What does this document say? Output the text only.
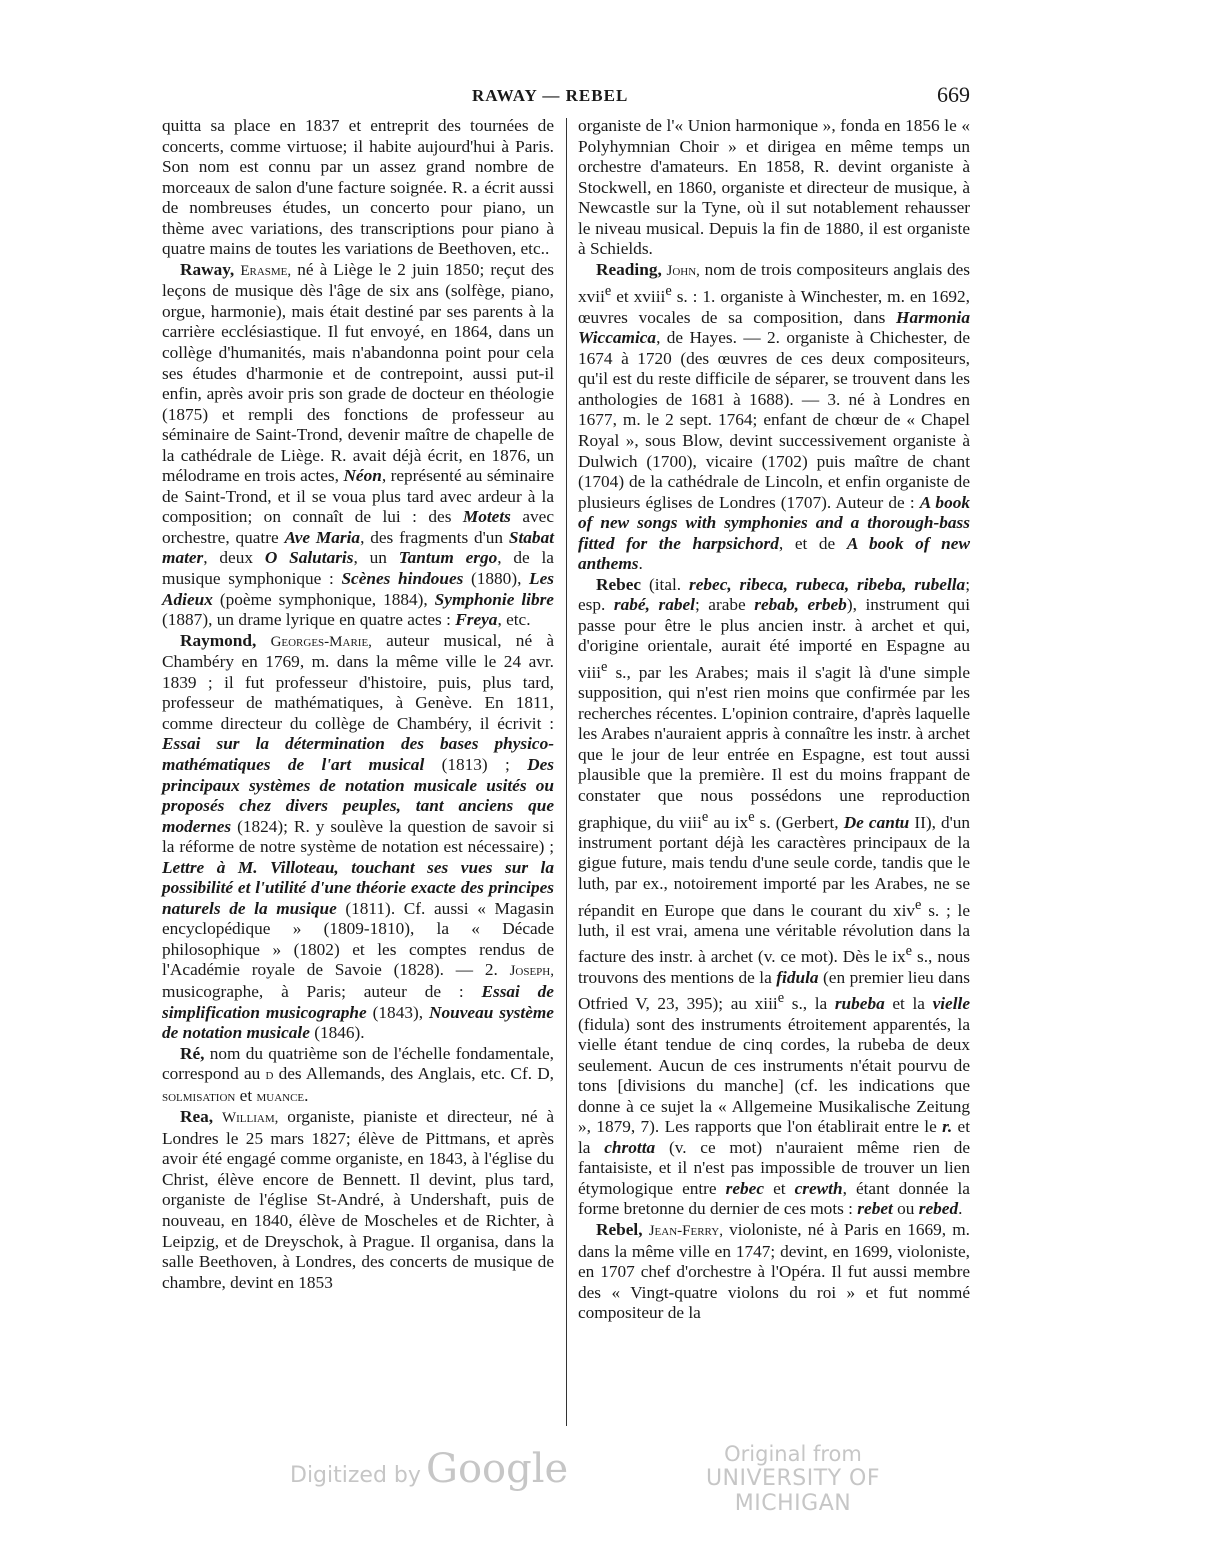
RAWAY — REBEL	669

quitta sa place en 1837 et entreprit des tournées de concerts, comme virtuose; il habite aujourd'hui à Paris. Son nom est connu par un assez grand nombre de morceaux de salon d'une facture soignée. R. a écrit aussi de nombreuses études, un concerto pour piano, un thème avec variations, des transcriptions pour piano à quatre mains de toutes les variations de Beethoven, etc..

Raway, Erasme, né à Liège le 2 juin 1850; reçut des leçons de musique dès l'âge de six ans (solfège, piano, orgue, harmonie), mais était destiné par ses parents à la carrière ecclésiastique. Il fut envoyé, en 1864, dans un collège d'humanités, mais n'abandonna point pour cela ses études d'harmonie et de contrepoint, aussi put-il enfin, après avoir pris son grade de docteur en théologie (1875) et rempli des fonctions de professeur au séminaire de Saint-Trond, devenir maître de chapelle de la cathédrale de Liège. R. avait déjà écrit, en 1876, un mélodrame en trois actes, Néon, représenté au séminaire de Saint-Trond, et il se voua plus tard avec ardeur à la composition; on connaît de lui : des Motets avec orchestre, quatre Ave Maria, des fragments d'un Stabat mater, deux O Salutaris, un Tantum ergo, de la musique symphonique : Scènes hindoues (1880), Les Adieux (poème symphonique, 1884), Symphonie libre (1887), un drame lyrique en quatre actes : Freya, etc.

Raymond, Georges-Marie, auteur musical, né à Chambéry en 1769, m. dans la même ville le 24 avr. 1839 ; il fut professeur d'histoire, puis, plus tard, professeur de mathématiques, à Genève. En 1811, comme directeur du collège de Chambéry, il écrivit : Essai sur la détermination des bases physico-mathématiques de l'art musical (1813) ; Des principaux systèmes de notation musicale usités ou proposés chez divers peuples, tant anciens que modernes (1824); R. y soulève la question de savoir si la réforme de notre système de notation est nécessaire) ; Lettre à M. Villoteau, touchant ses vues sur la possibilité et l'utilité d'une théorie exacte des principes naturels de la musique (1811). Cf. aussi « Magasin encyclopédique » (1809-1810), la « Décade philosophique » (1802) et les comptes rendus de l'Académie royale de Savoie (1828). — 2. Joseph, musicographe, à Paris; auteur de : Essai de simplification musicographe (1843), Nouveau système de notation musicale (1846).

Ré, nom du quatrième son de l'échelle fondamentale, correspond au d des Allemands, des Anglais, etc. Cf. D, solmisation et muance.

Rea, William, organiste, pianiste et directeur, né à Londres le 25 mars 1827; élève de Pittmans, et après avoir été engagé comme organiste, en 1843, à l'église du Christ, élève encore de Bennett. Il devint, plus tard, organiste de l'église St-André, à Undershaft, puis de nouveau, en 1840, élève de Moscheles et de Richter, à Leipzig, et de Dreyschok, à Prague. Il organisa, dans la salle Beethoven, à Londres, des concerts de musique de chambre, devint en 1853

organiste de l'« Union harmonique », fonda en 1856 le « Polyhymnian Choir » et dirigea en même temps un orchestre d'amateurs. En 1858, R. devint organiste à Stockwell, en 1860, organiste et directeur de musique, à Newcastle sur la Tyne, où il sut notablement rehausser le niveau musical. Depuis la fin de 1880, il est organiste à Schields.

Reading, John, nom de trois compositeurs anglais des xvii$^e$ et xviii$^e$ s. : 1. organiste à Winchester, m. en 1692, œuvres vocales de sa composition, dans Harmonia Wiccamica, de Hayes. — 2. organiste à Chichester, de 1674 à 1720 (des œuvres de ces deux compositeurs, qu'il est du reste difficile de séparer, se trouvent dans les anthologies de 1681 à 1688). — 3. né à Londres en 1677, m. le 2 sept. 1764; enfant de chœur de « Chapel Royal », sous Blow, devint successivement organiste à Dulwich (1700), vicaire (1702) puis maître de chant (1704) de la cathédrale de Lincoln, et enfin organiste de plusieurs églises de Londres (1707). Auteur de : A book of new songs with symphonies and a thorough-bass fitted for the harpsichord, et de A book of new anthems.

Rebec (ital. rebec, ribeca, rubeca, ribeba, rubella; esp. rabé, rabel; arabe rebab, erbeb), instrument qui passe pour être le plus ancien instr. à archet et qui, d'origine orientale, aurait été importé en Espagne au viii$^e$ s., par les Arabes; mais il s'agit là d'une simple supposition, qui n'est rien moins que confirmée par les recherches récentes. L'opinion contraire, d'après laquelle les Arabes n'auraient appris à connaître les instr. à archet que le jour de leur entrée en Espagne, est tout aussi plausible que la première. Il est du moins frappant de constater que nous possédons une reproduction graphique, du viii$^e$ au $ix^e$ s. (Gerbert, De cantu II), d'un instrument portant déjà les caractères principaux de la gigue future, mais tendu d'une seule corde, tandis que le luth, par ex., notoirement importé par les Arabes, ne se répandit en Europe que dans le courant du xiv$^e$ s. ; le luth, il est vrai, amena une véritable révolution dans la facture des instr. à archet (v. ce mot). Dès le $ix^e$ s., nous trouvons des mentions de la fidula (en premier lieu dans Otfried V, 23, 395); au xiii$^e$ s., la rubeba et la vielle (fidula) sont des instruments étroitement apparentés, la vielle étant tendue de cinq cordes, la rubeba de deux seulement. Aucun de ces instruments n'était pourvu de tons [divisions du manche] (cf. les indications que donne à ce sujet la « Allgemeine Musikalische Zeitung », 1879, 7). Les rapports que l'on établirait entre le r. et la chrotta (v. ce mot) n'auraient même rien de fantaisiste, et il n'est pas impossible de trouver un lien étymologique entre rebec et crewth, étant donnée la forme bretonne du dernier de ces mots : rebet ou rebed.

Rebel, Jean-Ferry, violoniste, né à Paris en 1669, m. dans la même ville en 1747; devint, en 1699, violoniste, en 1707 chef d'orchestre à l'Opéra. Il fut aussi membre des « Vingt-quatre violons du roi » et fut nommé compositeur de la

Digitized by Google	Original from
UNIVERSITY OF MICHIGAN
